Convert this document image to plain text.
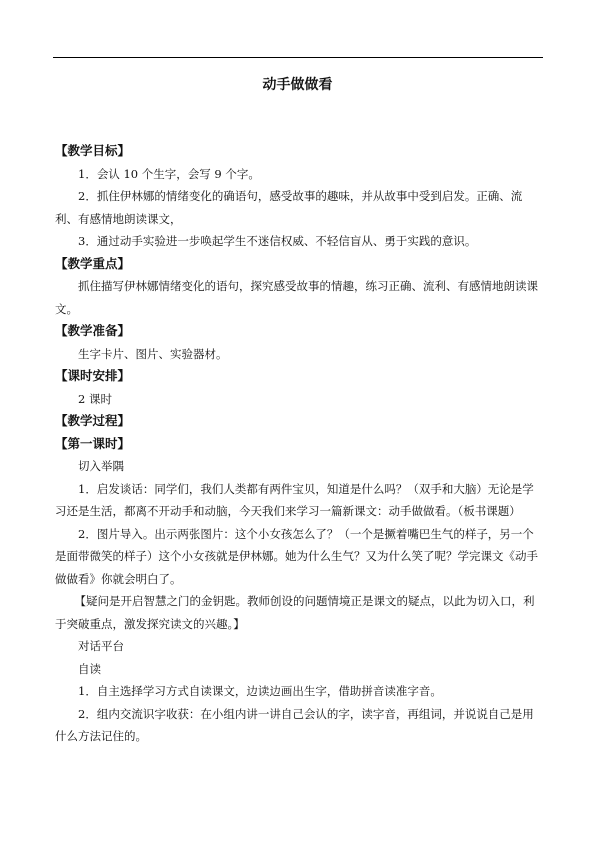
动手做做看

【教学目标】

1．会认 10 个生字，会写 9 个字。

2．抓住伊林娜的情绪变化的确语句，感受故事的趣味，并从故事中受到启发。正确、流利、有感情地朗读课文，

3．通过动手实验进一步唤起学生不迷信权威、不轻信盲从、勇于实践的意识。

【教学重点】

抓住描写伊林娜情绪变化的语句，探究感受故事的情趣，练习正确、流利、有感情地朗读课文。

【教学准备】

生字卡片、图片、实验器材。

【课时安排】

2 课时

【教学过程】

【第一课时】

切入举隅

1．启发谈话：同学们，我们人类都有两件宝贝，知道是什么吗？（双手和大脑）无论是学习还是生活，都离不开动手和动脑，今天我们来学习一篇新课文：动手做做看。（板书课题）

2．图片导入。出示两张图片：这个小女孩怎么了？（一个是撅着嘴巴生气的样子，另一个是面带微笑的样子）这个小女孩就是伊林娜。她为什么生气？又为什么笑了呢？学完课文《动手做做看》你就会明白了。

【疑问是开启智慧之门的金钥匙。教师创设的问题情境正是课文的疑点，以此为切入口，利于突破重点，激发探究读文的兴趣。】

对话平台

自读

1．自主选择学习方式自读课文，边读边画出生字，借助拼音读准字音。

2．组内交流识字收获：在小组内讲一讲自己会认的字，读字音，再组词，并说说自己是用什么方法记住的。
